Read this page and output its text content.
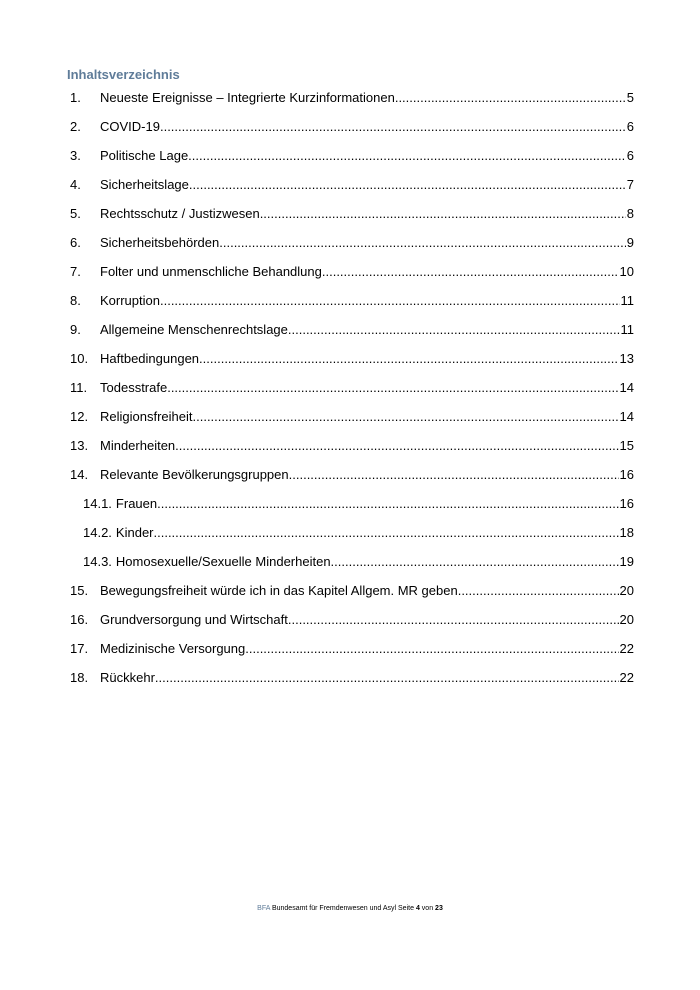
Inhaltsverzeichnis
1.	Neueste Ereignisse – Integrierte Kurzinformationen .....	5
2.	COVID-19 .....	6
3.	Politische Lage .....	6
4.	Sicherheitslage .....	7
5.	Rechtsschutz / Justizwesen .....	8
6.	Sicherheitsbehörden .....	9
7.	Folter und unmenschliche Behandlung .....	10
8.	Korruption .....	11
9.	Allgemeine Menschenrechtslage .....	11
10. Haftbedingungen .....	13
11. Todesstrafe .....	14
12. Religionsfreiheit .....	14
13. Minderheiten .....	15
14. Relevante Bevölkerungsgruppen .....	16
14.1. Frauen .....	16
14.2. Kinder .....	18
14.3. Homosexuelle/Sexuelle Minderheiten .....	19
15. Bewegungsfreiheit würde ich in das Kapitel Allgem. MR geben .....	20
16. Grundversorgung und Wirtschaft .....	20
17. Medizinische Versorgung .....	22
18. Rückkehr .....	22
BFA Bundesamt für Fremdenwesen und Asyl Seite 4 von 23
